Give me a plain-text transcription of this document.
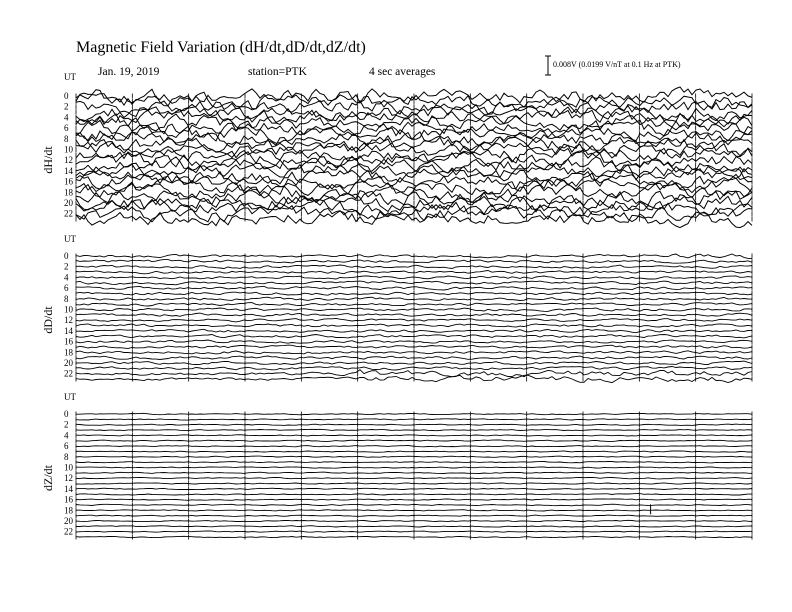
Magnetic Field Variation (dH/dt,dD/dt,dZ/dt)
Jan. 19, 2019	station=PTK	4 sec averages
0.008V (0.0199 V/nT at 0.1 Hz at PTK)
UT
dH/dt
0
2
4
6
8
10
12
14
16
18
20
22
UT
dD/dt
0
2
4
6
8
10
12
14
16
18
20
22
UT
dZ/dt
0
2
4
6
8
10
12
14
16
18
20
22
